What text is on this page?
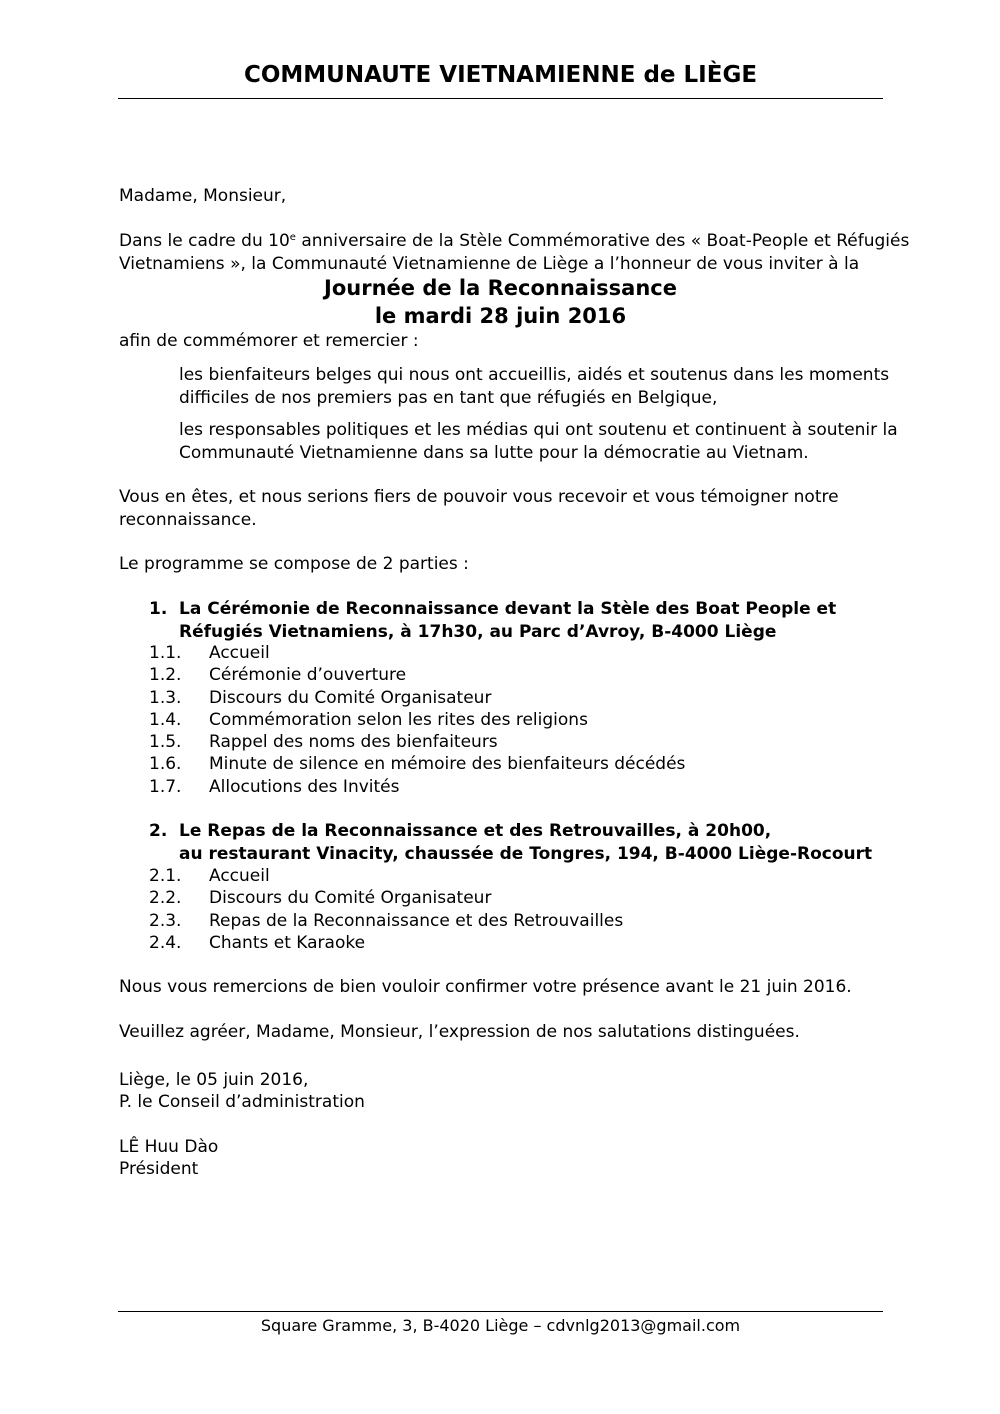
COMMUNAUTE VIETNAMIENNE de LIÈGE
Madame, Monsieur,
Dans le cadre du 10e anniversaire de la Stèle Commémorative des « Boat-People et Réfugiés
Vietnamiens », la Communauté Vietnamienne de Liège a l’honneur de vous inviter à la
Journée de la Reconnaissance
le mardi 28 juin 2016
afin de commémorer et remercier :
les bienfaiteurs belges qui nous ont accueillis, aidés et soutenus dans les moments
difficiles de nos premiers pas en tant que réfugiés en Belgique,
les responsables politiques et les médias qui ont soutenu et continuent à soutenir la
Communauté Vietnamienne dans sa lutte pour la démocratie au Vietnam.
Vous en êtes, et nous serions fiers de pouvoir vous recevoir et vous témoigner notre
reconnaissance.
Le programme se compose de 2 parties :
1. La Cérémonie de Reconnaissance devant la Stèle des Boat People et
Réfugiés Vietnamiens, à 17h30, au Parc d’Avroy, B-4000 Liège
1.1. Accueil
1.2. Cérémonie d’ouverture
1.3. Discours du Comité Organisateur
1.4. Commémoration selon les rites des religions
1.5. Rappel des noms des bienfaiteurs
1.6. Minute de silence en mémoire des bienfaiteurs décédés
1.7. Allocutions des Invités
2. Le Repas de la Reconnaissance et des Retrouvailles, à 20h00,
au restaurant Vinacity, chaussée de Tongres, 194, B-4000 Liège-Rocourt
2.1. Accueil
2.2. Discours du Comité Organisateur
2.3. Repas de la Reconnaissance et des Retrouvailles
2.4. Chants et Karaoke
Nous vous remercions de bien vouloir confirmer votre présence avant le 21 juin 2016.
Veuillez agréer, Madame, Monsieur, l’expression de nos salutations distinguées.
Liège, le 05 juin 2016,
P. le Conseil d’administration
LÊ Huu Dào
Président
Square Gramme, 3, B-4020 Liège – cdvnlg2013@gmail.com
